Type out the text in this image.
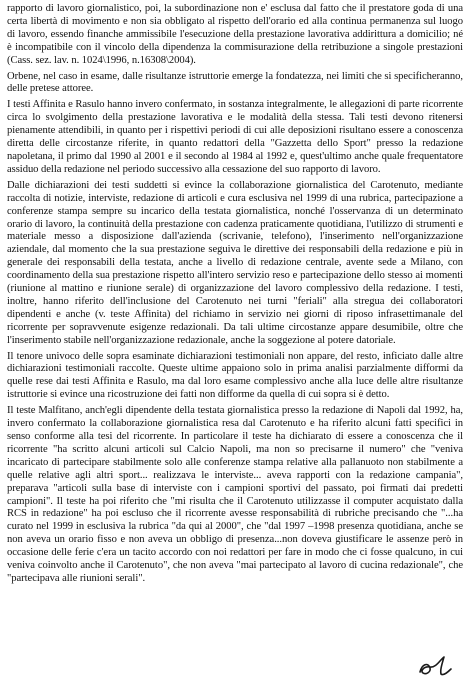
rapporto di lavoro giornalistico, poi, la subordinazione non e' esclusa dal fatto che il prestatore goda di una certa libertà di movimento e non sia obbligato al rispetto dell'orario ed alla continua permanenza sul luogo di lavoro, essendo finanche ammissibile l'esecuzione della prestazione lavorativa addirittura a domicilio; né è incompatibile con il vincolo della dipendenza la commisurazione della retribuzione a singole prestazioni (Cass. sez. lav. n. 1024\1996, n.16308\2004).

Orbene, nel caso in esame, dalle risultanze istruttorie emerge la fondatezza, nei limiti che si specificheranno, delle pretese attoree.

I testi Affinita e Rasulo hanno invero confermato, in sostanza integralmente, le allegazioni di parte ricorrente circa lo svolgimento della prestazione lavorativa e le modalità della stessa. Tali testi devono ritenersi pienamente attendibili, in quanto per i rispettivi periodi di cui alle deposizioni risultano essere a conoscenza diretta delle circostanze riferite, in quanto redattori della "Gazzetta dello Sport" presso la redazione napoletana, il primo dal 1990 al 2001 e il secondo al 1984 al 1992 e, quest'ultimo anche quale frequentatore assiduo della redazione nel periodo successivo alla cessazione del suo rapporto di lavoro.

Dalle dichiarazioni dei testi suddetti si evince la collaborazione giornalistica del Carotenuto, mediante raccolta di notizie, interviste, redazione di articoli e cura esclusiva nel 1999 di una rubrica, partecipazione a conferenze stampa sempre su incarico della testata giornalistica, nonché l'osservanza di un determinato orario di lavoro, la continuità della prestazione con cadenza praticamente quotidiana, l'utilizzo di strumenti e materiale messo a disposizione dall'azienda (scrivanie, telefono), l'inserimento nell'organizzazione aziendale, dal momento che la sua prestazione seguiva le direttive dei responsabili della redazione e più in generale dei responsabili della testata, anche a livello di redazione centrale, avente sede a Milano, con coordinamento della sua prestazione rispetto all'intero servizio reso e partecipazione dello stesso ai momenti (riunione al mattino e riunione serale) di organizzazione del lavoro complessivo della redazione. I testi, inoltre, hanno riferito dell'inclusione del Carotenuto nei turni "feriali" alla stregua dei collaboratori dipendenti e anche (v. teste Affinita) del richiamo in servizio nei giorni di riposo infrasettimanale del ricorrente per sopravvenute esigenze redazionali. Da tali ultime circostanze appare desumibile, oltre che l'inserimento stabile nell'organizzazione redazionale, anche la soggezione al potere datoriale.

Il tenore univoco delle sopra esaminate dichiarazioni testimoniali non appare, del resto, inficiato dalle altre dichiarazioni testimoniali raccolte. Queste ultime appaiono solo in prima analisi parzialmente difformi da quelle rese dai testi Affinita e Rasulo, ma dal loro esame complessivo anche alla luce delle altre risultanze istruttorie si evince una ricostruzione dei fatti non difforme da quella di cui sopra si è detto.

Il teste Malfitano, anch'egli dipendente della testata giornalistica presso la redazione di Napoli dal 1992, ha, invero confermato la collaborazione giornalistica resa dal Carotenuto e ha riferito alcuni fatti specifici in senso conforme alla tesi del ricorrente. In particolare il teste ha dichiarato di essere a conoscenza che il ricorrente "ha scritto alcuni articoli sul Calcio Napoli, ma non so precisarne il numero" che "veniva incaricato di partecipare stabilmente solo alle conferenze stampa relative alla pallanuoto non stabilmente a quelle relative agli altri sport... realizzava le interviste... aveva rapporti con la redazione campania", preparava "articoli sulla base di interviste con i campioni sportivi del passato, poi firmati dai predetti campioni". Il teste ha poi riferito che "mi risulta che il Carotenuto utilizzasse il computer acquistato dalla RCS in redazione" ha poi escluso che il ricorrente avesse responsabilità di rubriche precisando che "...ha curato nel 1999 in esclusiva la rubrica "da qui al 2000", che "dal 1997 –1998 presenza quotidiana, anche se non aveva un orario fisso e non aveva un obbligo di presenza...non doveva giustificare le assenze però in occasione delle ferie c'era un tacito accordo con noi redattori per fare in modo che ci fosse qualcuno, in cui veniva coinvolto anche il Carotenuto", che non aveva "mai partecipato al lavoro di cucina redazionale", che "partecipava alle riunioni serali".
